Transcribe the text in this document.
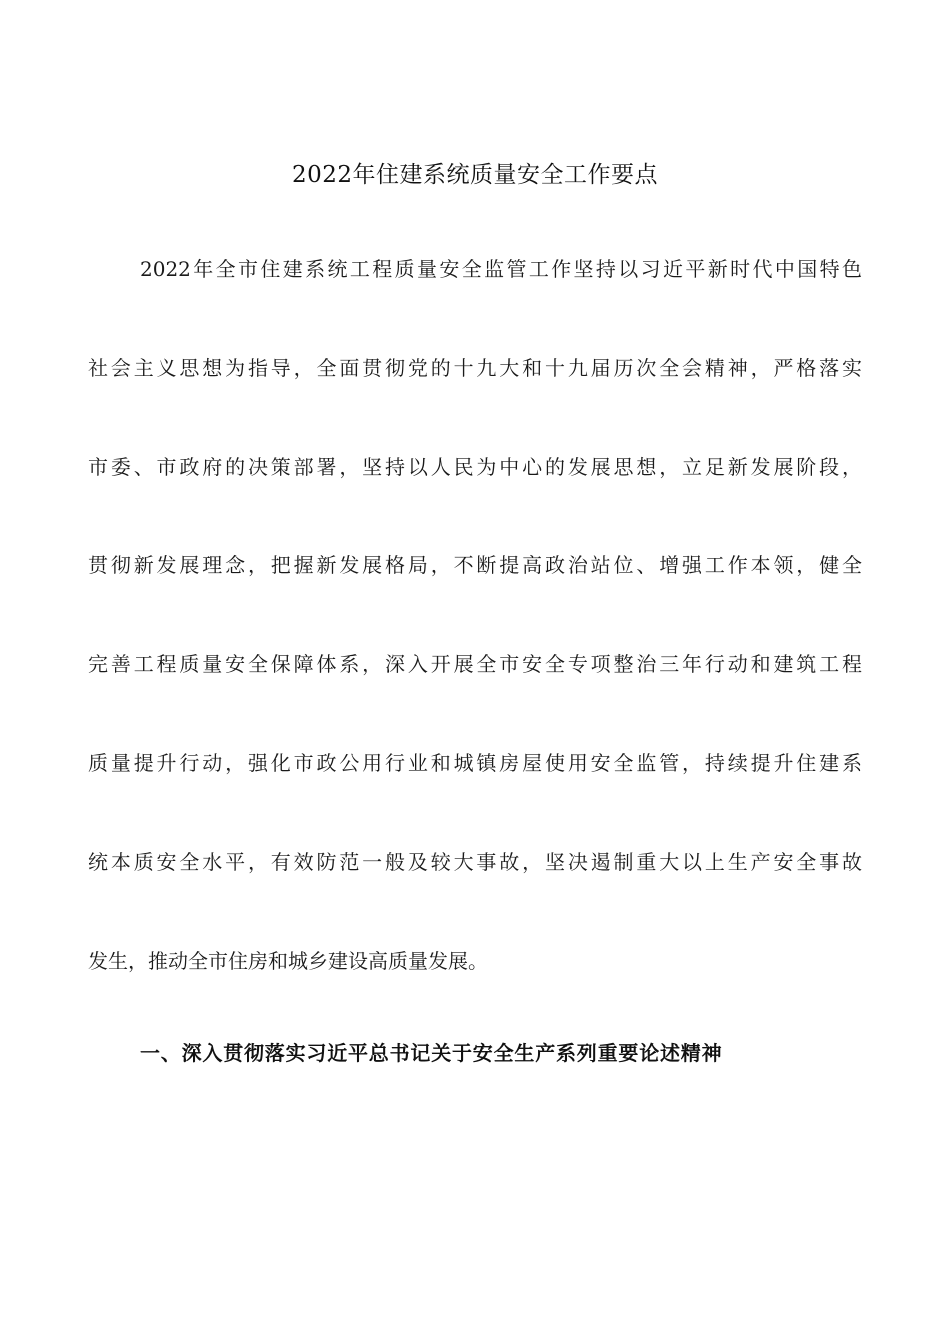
2022年住建系统质量安全工作要点
2022年全市住建系统工程质量安全监管工作坚持以习近平新时代中国特色
社会主义思想为指导，全面贯彻党的十九大和十九届历次全会精神，严格落实
市委、市政府的决策部署，坚持以人民为中心的发展思想，立足新发展阶段，
贯彻新发展理念，把握新发展格局，不断提高政治站位、增强工作本领，健全
完善工程质量安全保障体系，深入开展全市安全专项整治三年行动和建筑工程
质量提升行动，强化市政公用行业和城镇房屋使用安全监管，持续提升住建系
统本质安全水平，有效防范一般及较大事故，坚决遏制重大以上生产安全事故
发生，推动全市住房和城乡建设高质量发展。
一、深入贯彻落实习近平总书记关于安全生产系列重要论述精神
